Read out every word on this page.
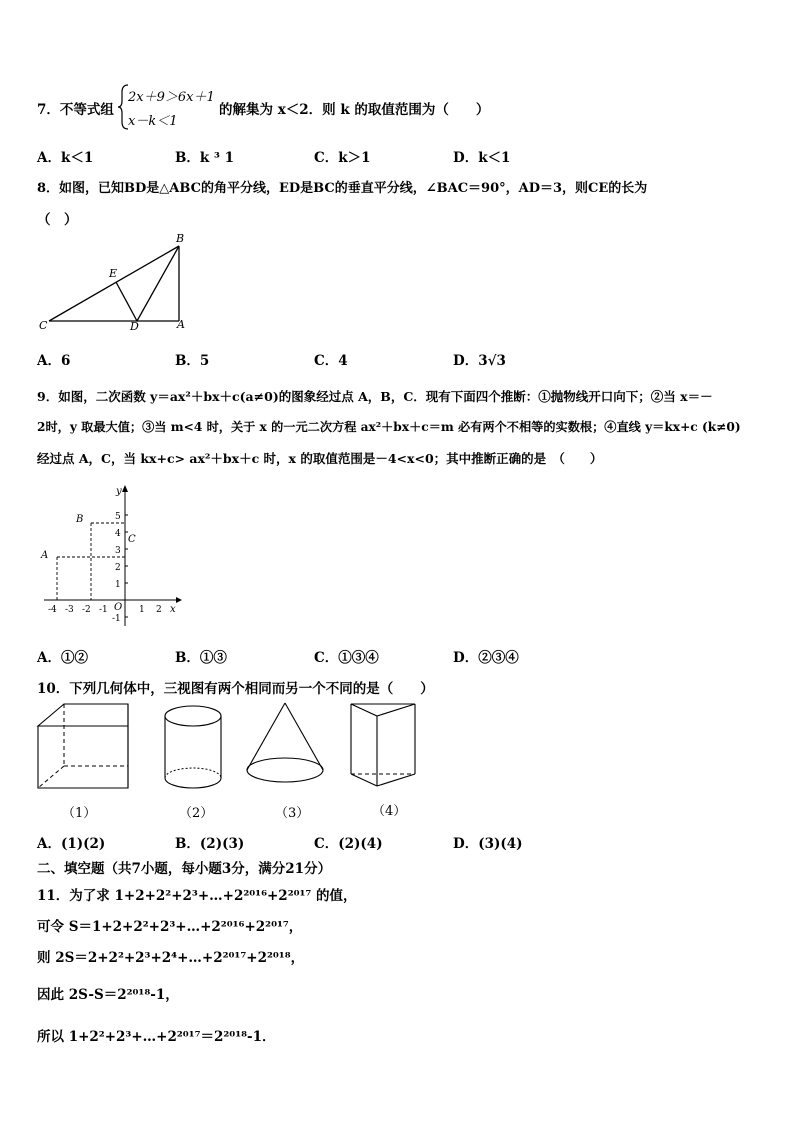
7．不等式组
2x＋9＞6x＋1
x－k＜1
的解集为 x＜2．则 k 的取值范围为（　　）
A．k＜1	B．k ³ 1	C．k＞1	D．k＜1
8．如图，已知BD是△ABC的角平分线，ED是BC的垂直平分线，∠BAC＝90°，AD＝3，则CE的长为
（　）
B
E
C	D	A
A．6	B．5	C．4	D．3√3
9．如图，二次函数 y＝ax²＋bx＋c(a≠0)的图象经过点 A，B，C．现有下面四个推断：①抛物线开口向下；②当 x＝－
2时，y 取最大值；③当 m<4 时，关于 x 的一元二次方程 ax²＋bx＋c＝m 必有两个不相等的实数根；④直线 y＝kx+c (k≠0)
经过点 A，C，当 kx+c> ax²＋bx＋c 时，x 的取值范围是－4<x<0；其中推断正确的是　（　　）
y
x
O
5
4
3
2
1
-1
-4 -3 -2 -1	1 2
A
B
C
A．①②	B．①③	C．①③④	D．②③④
10．下列几何体中，三视图有两个相同而另一个不同的是（　　）
（1）	（2）	（3）	（4）
A．(1)(2)	B．(2)(3)	C．(2)(4)	D．(3)(4)
二、填空题（共7小题，每小题3分，满分21分）
11．为了求 1+2+2²+2³+…+2²⁰¹⁶+2²⁰¹⁷ 的值，
可令 S＝1+2+2²+2³+…+2²⁰¹⁶+2²⁰¹⁷，
则 2S＝2+2²+2³+2⁴+…+2²⁰¹⁷+2²⁰¹⁸，
因此 2S-S＝2²⁰¹⁸-1，
所以 1+2²+2³+…+2²⁰¹⁷＝2²⁰¹⁸-1．
